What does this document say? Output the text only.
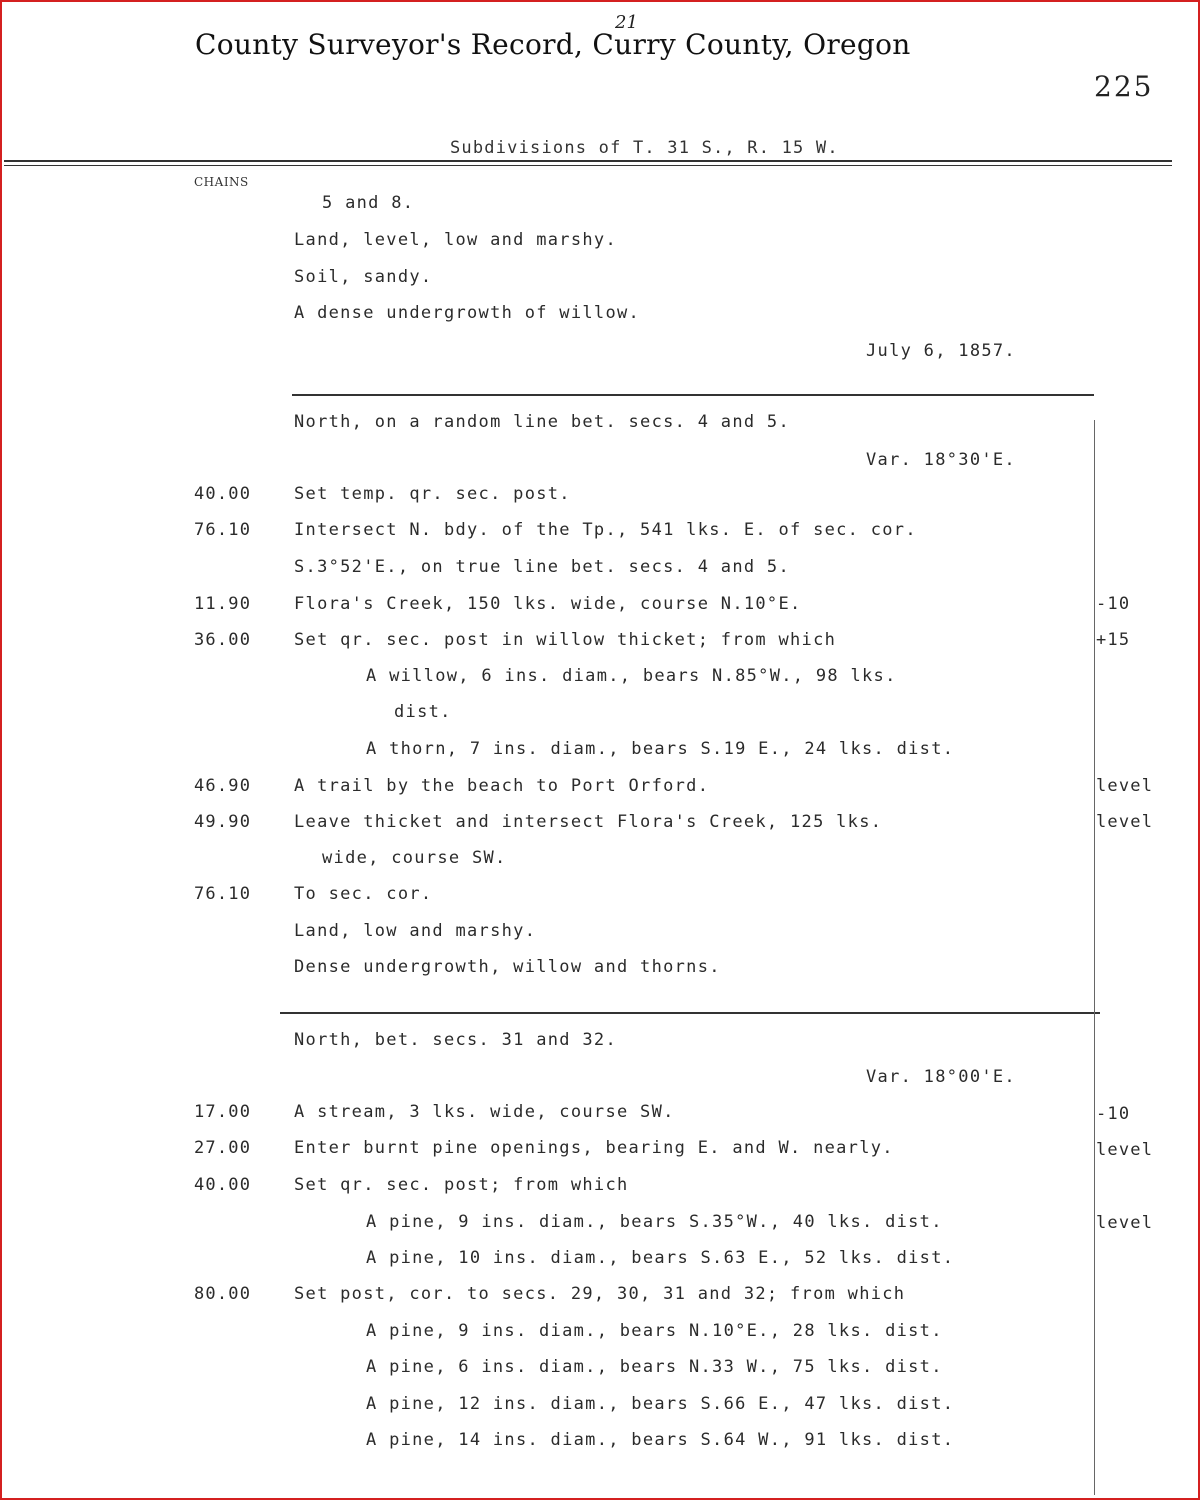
County Surveyor's Record, Curry County, Oregon
21
225
Subdivisions of T. 31 S., R. 15 W.
CHAINS
5 and 8.
Land, level, low and marshy.
Soil, sandy.
A dense undergrowth of willow.
July 6, 1857.
North, on a random line bet. secs. 4 and 5.
Var. 18°30'E.
40.00	Set temp. qr. sec. post.
76.10	Intersect N. bdy. of the Tp., 541 lks. E. of sec. cor.
S.3°52'E., on true line bet. secs. 4 and 5.
11.90	Flora's Creek, 150 lks. wide, course N.10°E.	-10
36.00	Set qr. sec. post in willow thicket; from which	+15
A willow, 6 ins. diam., bears N.85°W., 98 lks.
dist.
A thorn, 7 ins. diam., bears S.19 E., 24 lks. dist.
46.90	A trail by the beach to Port Orford.	level
49.90	Leave thicket and intersect Flora's Creek, 125 lks.	level
wide, course SW.
76.10	To sec. cor.
Land, low and marshy.
Dense undergrowth, willow and thorns.
North, bet. secs. 31 and 32.
Var. 18°00'E.
17.00	A stream, 3 lks. wide, course SW.	-10
27.00	Enter burnt pine openings, bearing E. and W. nearly.	level
40.00	Set qr. sec. post; from which
A pine, 9 ins. diam., bears S.35°W., 40 lks. dist.	level
A pine, 10 ins. diam., bears S.63 E., 52 lks. dist.
80.00	Set post, cor. to secs. 29, 30, 31 and 32; from which
A pine, 9 ins. diam., bears N.10°E., 28 lks. dist.
A pine, 6 ins. diam., bears N.33 W., 75 lks. dist.
A pine, 12 ins. diam., bears S.66 E., 47 lks. dist.
A pine, 14 ins. diam., bears S.64 W., 91 lks. dist.
